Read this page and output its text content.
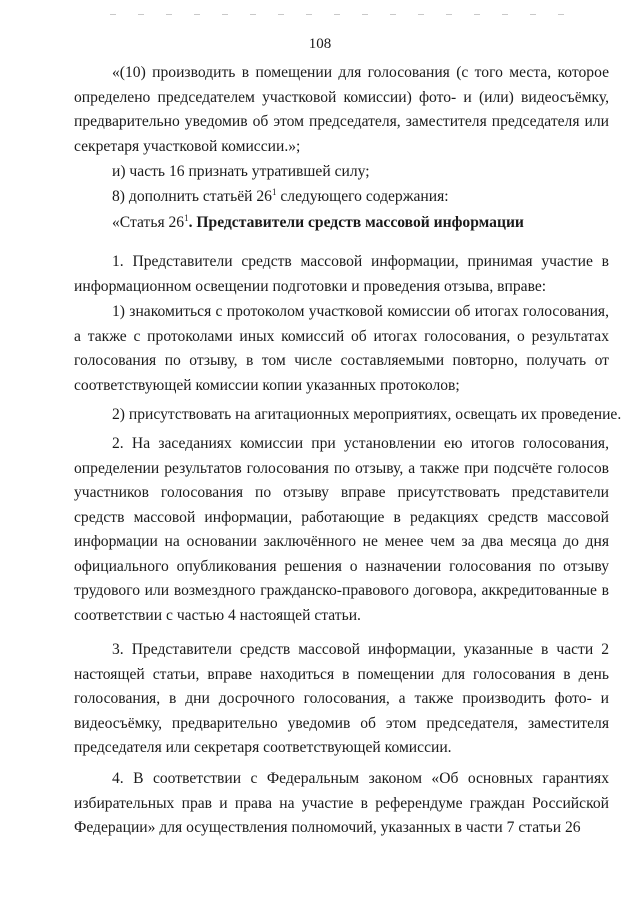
108

«(10) производить в помещении для голосования (с того места, которое определено председателем участковой комиссии) фото- и (или) видеосъёмку, предварительно уведомив об этом председателя, заместителя председателя или секретаря участковой комиссии.»;

и) часть 16 признать утратившей силу;

8) дополнить статьёй $26^1$ следующего содержания:

«Статья $26^1$. Представители средств массовой информации

1. Представители средств массовой информации, принимая участие в информационном освещении подготовки и проведения отзыва, вправе:

1) знакомиться с протоколом участковой комиссии об итогах голосования, а также с протоколами иных комиссий об итогах голосования, о результатах голосования по отзыву, в том числе составляемыми повторно, получать от соответствующей комиссии копии указанных протоколов;

2) присутствовать на агитационных мероприятиях, освещать их проведение.

2. На заседаниях комиссии при установлении ею итогов голосования, определении результатов голосования по отзыву, а также при подсчёте голосов участников голосования по отзыву вправе присутствовать представители средств массовой информации, работающие в редакциях средств массовой информации на основании заключённого не менее чем за два месяца до дня официального опубликования решения о назначении голосования по отзыву трудового или возмездного гражданско-правового договора, аккредитованные в соответствии с частью 4 настоящей статьи.

3. Представители средств массовой информации, указанные в части 2 настоящей статьи, вправе находиться в помещении для голосования в день голосования, в дни досрочного голосования, а также производить фото- и видеосъёмку, предварительно уведомив об этом председателя, заместителя председателя или секретаря соответствующей комиссии.

4. В соответствии с Федеральным законом «Об основных гарантиях избирательных прав и права на участие в референдуме граждан Российской Федерации» для осуществления полномочий, указанных в части 7 статьи 26
